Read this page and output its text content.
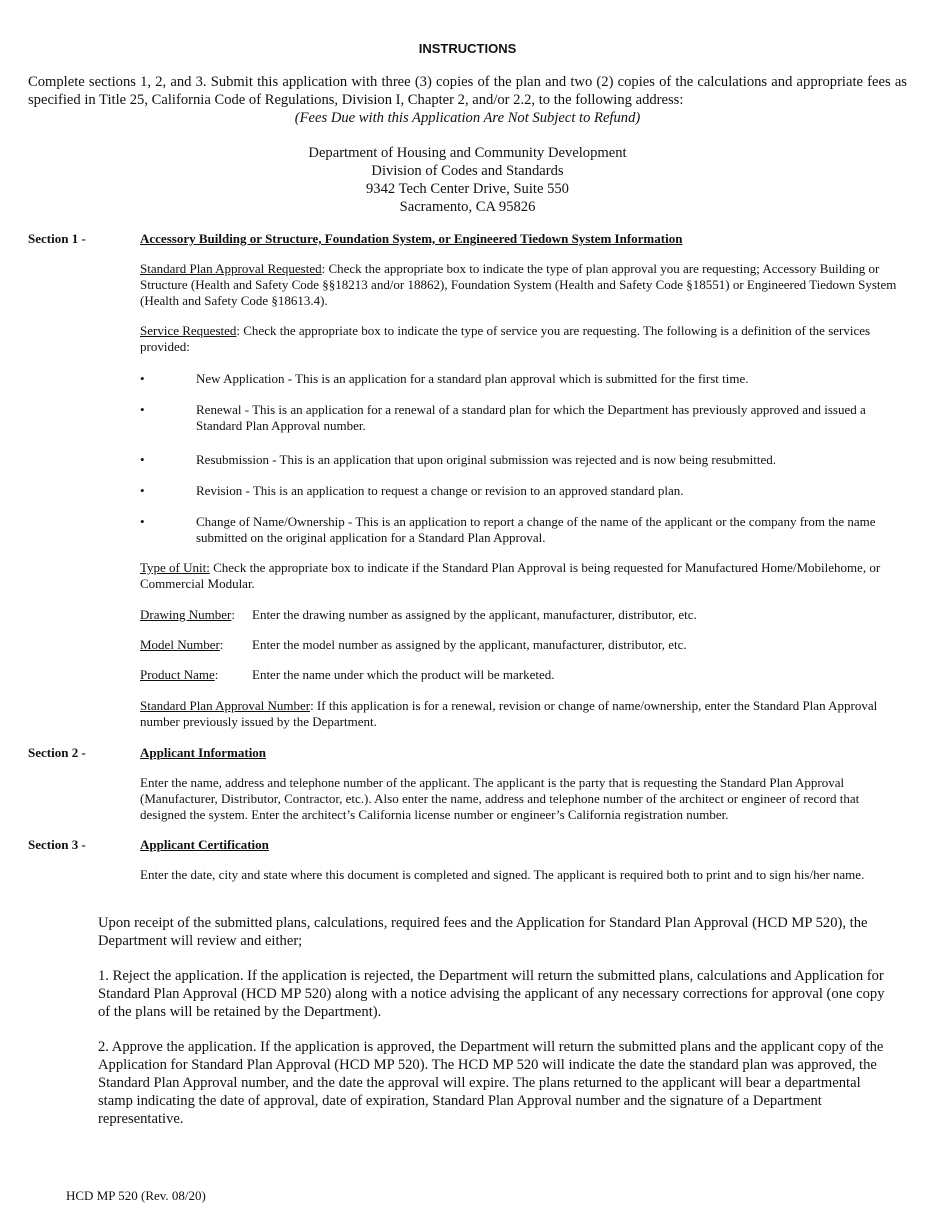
INSTRUCTIONS
Complete sections 1, 2, and 3. Submit this application with three (3) copies of the plan and two (2) copies of the calculations and appropriate fees as specified in Title 25, California Code of Regulations, Division I, Chapter 2, and/or 2.2, to the following address:
(Fees Due with this Application Are Not Subject to Refund)
Department of Housing and Community Development
Division of Codes and Standards
9342 Tech Center Drive, Suite 550
Sacramento, CA 95826
Section 1 -	Accessory Building or Structure, Foundation System, or Engineered Tiedown System Information
Standard Plan Approval Requested: Check the appropriate box to indicate the type of plan approval you are requesting; Accessory Building or Structure (Health and Safety Code §§18213 and/or 18862), Foundation System (Health and Safety Code §18551) or Engineered Tiedown System (Health and Safety Code §18613.4).
Service Requested: Check the appropriate box to indicate the type of service you are requesting. The following is a definition of the services provided:
•	New Application - This is an application for a standard plan approval which is submitted for the first time.
•	Renewal - This is an application for a renewal of a standard plan for which the Department has previously approved and issued a Standard Plan Approval number.
•	Resubmission - This is an application that upon original submission was rejected and is now being resubmitted.
•	Revision - This is an application to request a change or revision to an approved standard plan.
•	Change of Name/Ownership - This is an application to report a change of the name of the applicant or the company from the name submitted on the original application for a Standard Plan Approval.
Type of Unit: Check the appropriate box to indicate if the Standard Plan Approval is being requested for Manufactured Home/Mobilehome, or Commercial Modular.
Drawing Number:	Enter the drawing number as assigned by the applicant, manufacturer, distributor, etc.
Model Number:	Enter the model number as assigned by the applicant, manufacturer, distributor, etc.
Product Name:	Enter the name under which the product will be marketed.
Standard Plan Approval Number: If this application is for a renewal, revision or change of name/ownership, enter the Standard Plan Approval number previously issued by the Department.
Section 2 -	Applicant Information
Enter the name, address and telephone number of the applicant. The applicant is the party that is requesting the Standard Plan Approval (Manufacturer, Distributor, Contractor, etc.). Also enter the name, address and telephone number of the architect or engineer of record that designed the system. Enter the architect’s California license number or engineer’s California registration number.
Section 3 -	Applicant Certification
Enter the date, city and state where this document is completed and signed. The applicant is required both to print and to sign his/her name.
Upon receipt of the submitted plans, calculations, required fees and the Application for Standard Plan Approval (HCD MP 520), the Department will review and either;
1. Reject the application. If the application is rejected, the Department will return the submitted plans, calculations and Application for Standard Plan Approval (HCD MP 520) along with a notice advising the applicant of any necessary corrections for approval (one copy of the plans will be retained by the Department).
2. Approve the application. If the application is approved, the Department will return the submitted plans and the applicant copy of the Application for Standard Plan Approval (HCD MP 520). The HCD MP 520 will indicate the date the standard plan was approved, the Standard Plan Approval number, and the date the approval will expire. The plans returned to the applicant will bear a departmental stamp indicating the date of approval, date of expiration, Standard Plan Approval number and the signature of a Department representative.
HCD MP 520 (Rev. 08/20)
